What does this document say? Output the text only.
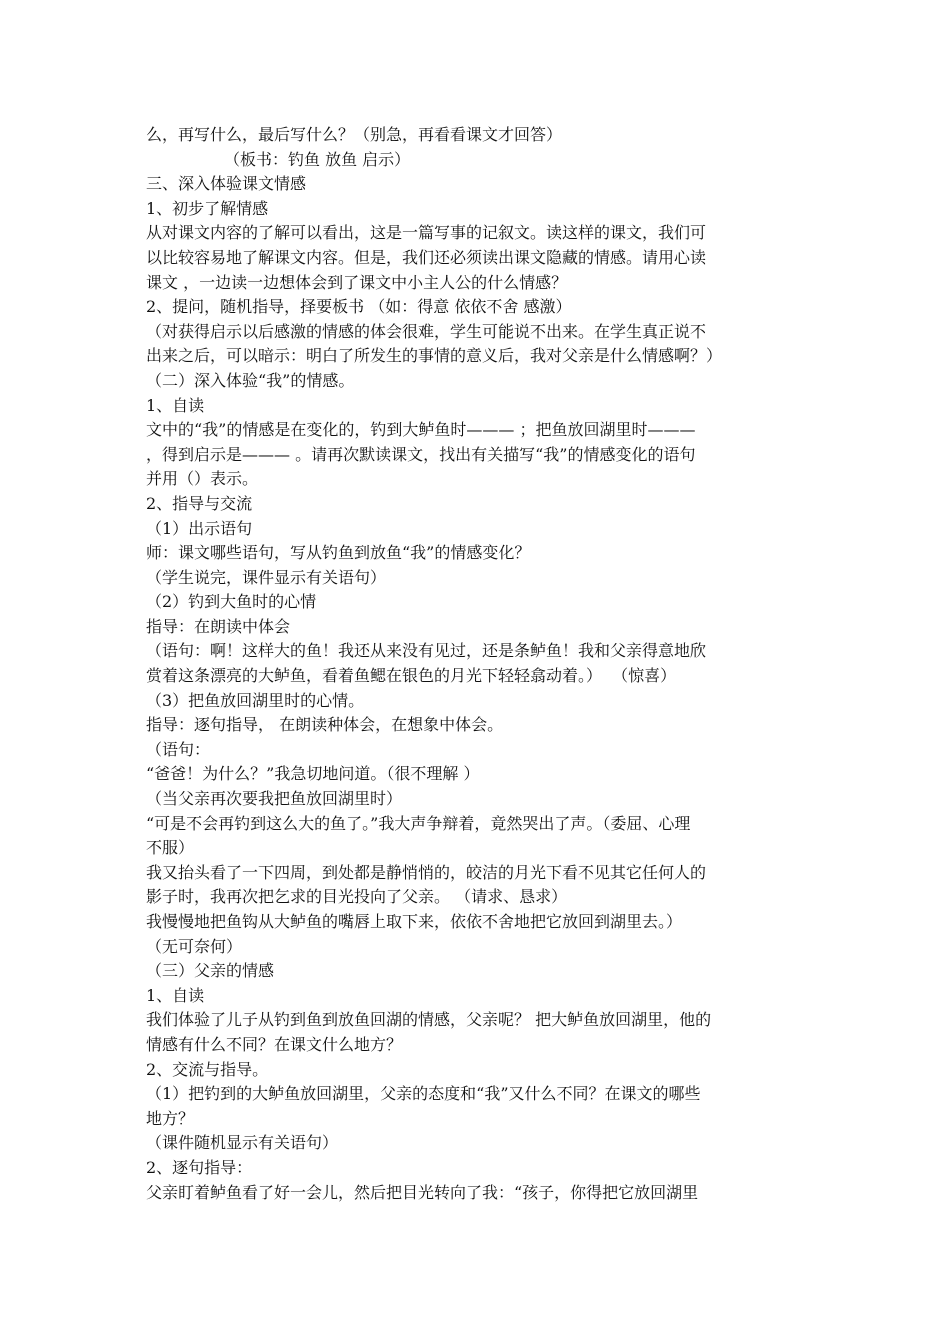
么，再写什么，最后写什么？（别急，再看看课文才回答）
（板书：钓鱼 放鱼 启示）
三、深入体验课文情感
1、初步了解情感
从对课文内容的了解可以看出，这是一篇写事的记叙文。读这样的课文，我们可
以比较容易地了解课文内容。但是，我们还必须读出课文隐藏的情感。请用心读
课文 ，一边读一边想体会到了课文中小主人公的什么情感？
2、提问，随机指导，择要板书 （如：得意 依依不舍 感激）
（对获得启示以后感激的情感的体会很难，学生可能说不出来。在学生真正说不
出来之后，可以暗示：明白了所发生的事情的意义后，我对父亲是什么情感啊？）
（二）深入体验“我”的情感。
1、自读
文中的“我”的情感是在变化的，钓到大鲈鱼时——— ；把鱼放回湖里时———
，得到启示是——— 。请再次默读课文，找出有关描写“我”的情感变化的语句
并用（）表示。
2、指导与交流
（1）出示语句
师：课文哪些语句，写从钓鱼到放鱼“我”的情感变化？
（学生说完，课件显示有关语句）
（2）钓到大鱼时的心情
指导：在朗读中体会
（语句：啊！这样大的鱼！我还从来没有见过，还是条鲈鱼！我和父亲得意地欣
赏着这条漂亮的大鲈鱼，看着鱼鳃在银色的月光下轻轻翕动着。）  （惊喜）
（3）把鱼放回湖里时的心情。
指导：逐句指导， 在朗读种体会，在想象中体会。
（语句：
“爸爸！为什么？”我急切地问道。（很不理解 ）
（当父亲再次要我把鱼放回湖里时）
“可是不会再钓到这么大的鱼了。”我大声争辩着，竟然哭出了声。（委屈、心理
不服）
我又抬头看了一下四周，到处都是静悄悄的，皎洁的月光下看不见其它任何人的
影子时，我再次把乞求的目光投向了父亲。 （请求、恳求）
我慢慢地把鱼钩从大鲈鱼的嘴唇上取下来，依依不舍地把它放回到湖里去。）
（无可奈何）
（三）父亲的情感
1、自读
我们体验了儿子从钓到鱼到放鱼回湖的情感，父亲呢？ 把大鲈鱼放回湖里，他的
情感有什么不同？在课文什么地方？
2、交流与指导。
（1）把钓到的大鲈鱼放回湖里，父亲的态度和“我”又什么不同？在课文的哪些
地方？
（课件随机显示有关语句）
2、逐句指导：
父亲盯着鲈鱼看了好一会儿，然后把目光转向了我：“孩子，你得把它放回湖里
